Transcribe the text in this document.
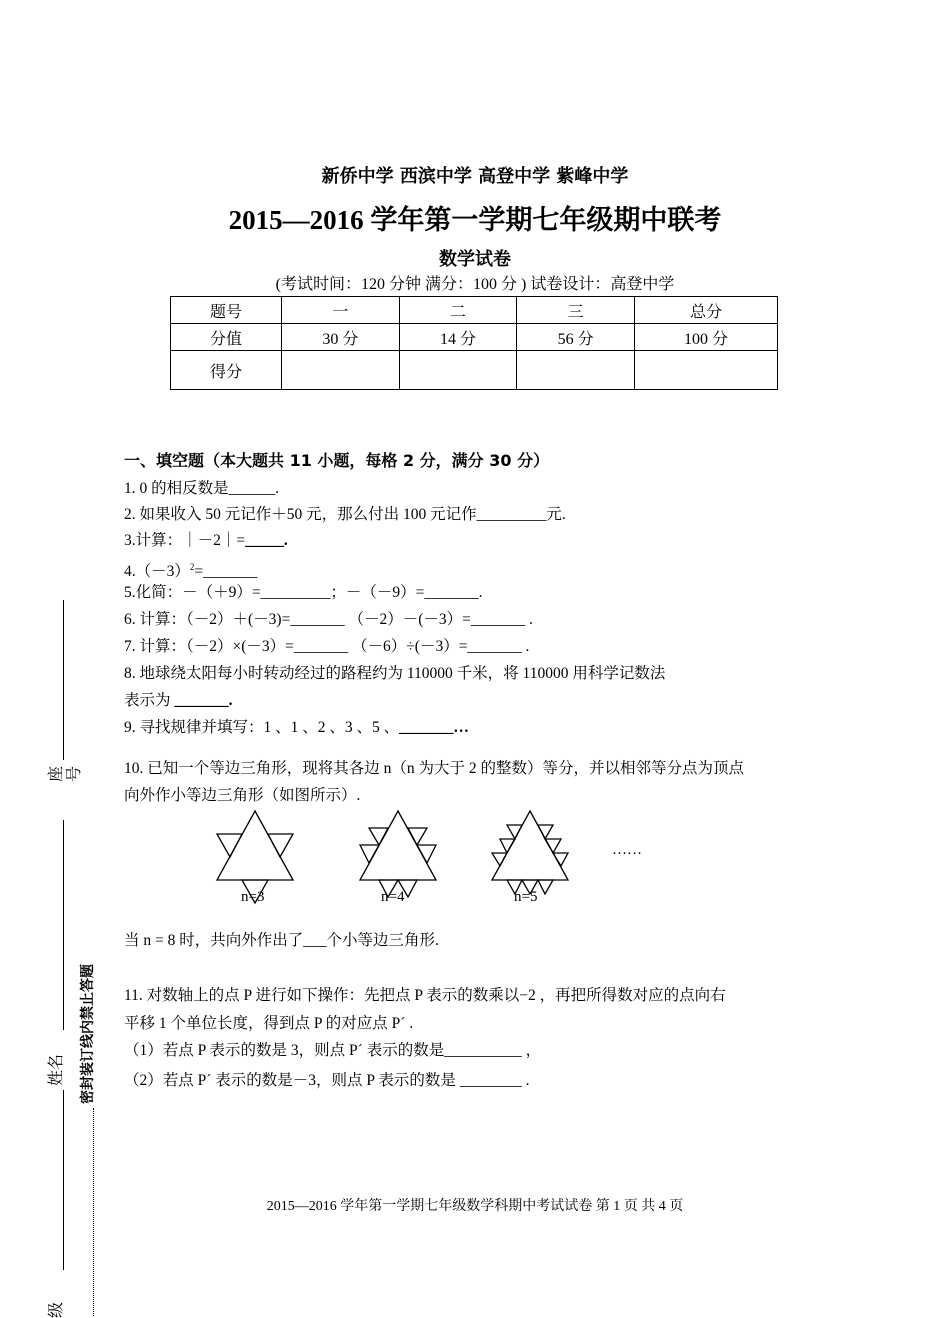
新侨中学 西滨中学 高登中学 紫峰中学
2015—2016 学年第一学期七年级期中联考
数学试卷
(考试时间：120 分钟 满分：100 分 ) 试卷设计：高登中学
题号	一	二	三	总分
分值	30 分	14 分	56 分	100 分
得分				
一、填空题（本大题共 11 小题，每格 2 分，满分 30 分）
1. 0 的相反数是______.
2. 如果收入 50 元记作＋50 元，那么付出 100 元记作_________元.
3.计算：｜－2｜=_____.
$4.(-3)^2=\_\_\_\_\_\_\_$
5.化简：－（＋9）=_________；－（－9）=_______.
6. 计算：（－2）＋(－3)=_______ （－2）－(－3）=_______ .
7. 计算：（－2）×(－3）=_______ （－6）÷(－3）=_______ .
8. 地球绕太阳每小时转动经过的路程约为 110000 千米，将 110000 用科学记数法
表示为 _______.
9. 寻找规律并填写：1 、1 、2 、3 、5 、_______…
10. 已知一个等边三角形，现将其各边 n（n 为大于 2 的整数）等分，并以相邻等分点为顶点
向外作小等边三角形（如图所示）.
n=3	n=4	n=5
……
当 n = 8 时，共向外作出了___个小等边三角形.
11. 对数轴上的点 P 进行如下操作：先把点 P 表示的数乘以−2 ，再把所得数对应的点向右
平移 1 个单位长度，得到点 P 的对应点 P´ .
（1）若点 P 表示的数是 3，则点 P´ 表示的数是__________ ，
（2）若点 P´ 表示的数是－3，则点 P 表示的数是 ________ .
2015—2016 学年第一学期七年级数学科期中考试试卷 第 1 页 共 4 页
座号
姓名
级
密封装订线内禁止答题
